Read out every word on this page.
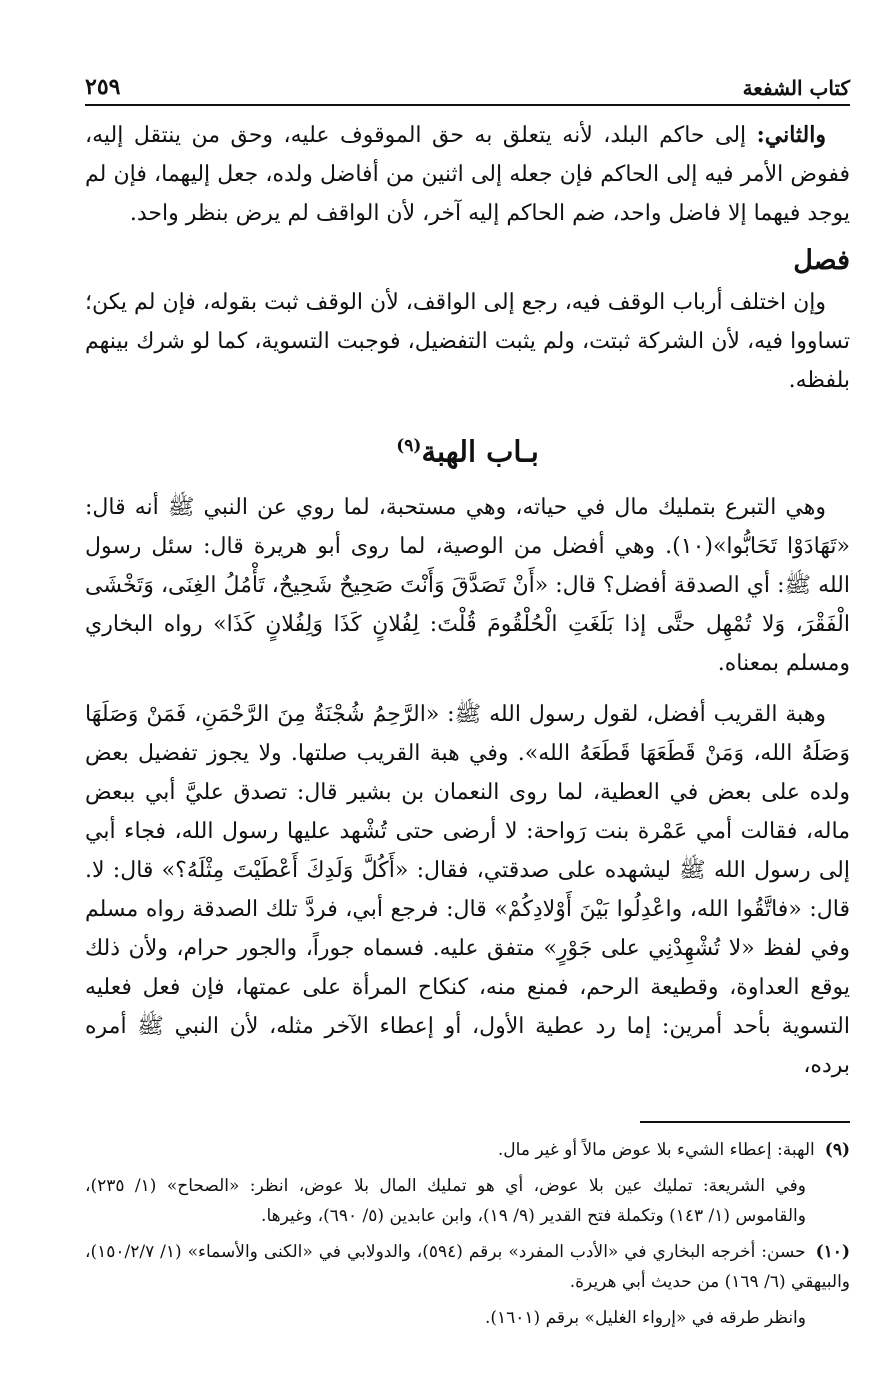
كتاب الشفعة
٢٥٩

والثاني: إلى حاكم البلد، لأنه يتعلق به حق الموقوف عليه، وحق من ينتقل إليه، ففوض الأمر فيه إلى الحاكم فإن جعله إلى اثنين من أفاضل ولده، جعل إليهما، فإن لم يوجد فيهما إلا فاضل واحد، ضم الحاكم إليه آخر، لأن الواقف لم يرض بنظر واحد.

فصل

وإن اختلف أرباب الوقف فيه، رجع إلى الواقف، لأن الوقف ثبت بقوله، فإن لم يكن؛ تساووا فيه، لأن الشركة ثبتت، ولم يثبت التفضيل، فوجبت التسوية، كما لو شرك بينهم بلفظه.

بـاب الهبة$^{(٩)}$

وهي التبرع بتمليك مال في حياته، وهي مستحبة، لما روي عن النبي ﷺ أنه قال: «تَهَادَوْا تَحَابُّوا»(١٠). وهي أفضل من الوصية، لما روى أبو هريرة قال: سئل رسول الله ﷺ: أي الصدقة أفضل؟ قال: «أَنْ تَصَدَّقَ وَأَنْتَ صَحِيحٌ شَحِيحٌ، تَأْمُلُ الغِنَى، وَتَخْشَى الْفَقْرَ، وَلا تُمْهِل حتَّى إذا بَلَغَتِ الْحُلْقُومَ قُلْتَ: لِفُلانٍ كَذَا وَلِفُلانٍ كَذَا» رواه البخاري ومسلم بمعناه.

وهبة القريب أفضل، لقول رسول الله ﷺ: «الرَّحِمُ شُجْنَةٌ مِنَ الرَّحْمَنِ، فَمَنْ وَصَلَهَا وَصَلَهُ الله، وَمَنْ قَطَعَهَا قَطَعَهُ الله». وفي هبة القريب صلتها. ولا يجوز تفضيل بعض ولده على بعض في العطية، لما روى النعمان بن بشير قال: تصدق عليَّ أبي ببعض ماله، فقالت أمي عَمْرة بنت رَواحة: لا أرضى حتى تُشْهد عليها رسول الله، فجاء أبي إلى رسول الله ﷺ ليشهده على صدقتي، فقال: «أَكُلَّ وَلَدِكَ أَعْطَيْتَ مِثْلَهُ؟» قال: لا. قال: «فاتَّقُوا الله، واعْدِلُوا بَيْنَ أَوْلادِكُمْ» قال: فرجع أبي، فردَّ تلك الصدقة رواه مسلم وفي لفظ «لا تُشْهِدْنِي على جَوْرٍ» متفق عليه. فسماه جوراً، والجور حرام، ولأن ذلك يوقع العداوة، وقطيعة الرحم، فمنع منه، كنكاح المرأة على عمتها، فإن فعل فعليه التسوية بأحد أمرين: إما رد عطية الأول، أو إعطاء الآخر مثله، لأن النبي ﷺ أمره برده،

(٩)الهبة: إعطاء الشيء بلا عوض مالاً أو غير مال.

وفي الشريعة: تمليك عين بلا عوض، أي هو تمليك المال بلا عوض، انظر: «الصحاح» (١/ ٢٣٥)، والقاموس (١/ ١٤٣) وتكملة فتح القدير (٩/ ١٩)، وابن عابدين (٥/ ٦٩٠)، وغيرها.

(١٠)حسن: أخرجه البخاري في «الأدب المفرد» برقم (٥٩٤)، والدولابي في «الكنى والأسماء» (١/ ١٥٠/٢/٧)، والبيهقي (٦/ ١٦٩) من حديث أبي هريرة.

وانظر طرقه في «إرواء الغليل» برقم (١٦٠١).
